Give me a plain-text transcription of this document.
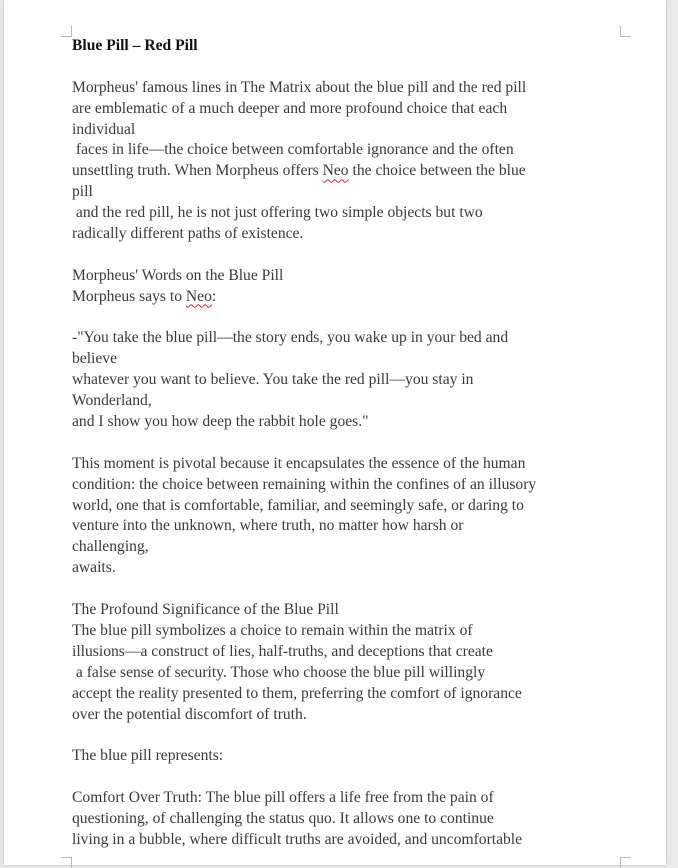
Blue Pill – Red Pill
Morpheus' famous lines in The Matrix about the blue pill and the red pill
are emblematic of a much deeper and more profound choice that each
individual
faces in life—the choice between comfortable ignorance and the often
unsettling truth. When Morpheus offers Neo the choice between the blue
pill
and the red pill, he is not just offering two simple objects but two
radically different paths of existence.
Morpheus' Words on the Blue Pill
Morpheus says to Neo:
-"You take the blue pill—the story ends, you wake up in your bed and
believe
whatever you want to believe. You take the red pill—you stay in
Wonderland,
and I show you how deep the rabbit hole goes."
This moment is pivotal because it encapsulates the essence of the human
condition: the choice between remaining within the confines of an illusory
world, one that is comfortable, familiar, and seemingly safe, or daring to
venture into the unknown, where truth, no matter how harsh or
challenging,
awaits.
The Profound Significance of the Blue Pill
The blue pill symbolizes a choice to remain within the matrix of
illusions—a construct of lies, half-truths, and deceptions that create
a false sense of security. Those who choose the blue pill willingly
accept the reality presented to them, preferring the comfort of ignorance
over the potential discomfort of truth.
The blue pill represents:
Comfort Over Truth: The blue pill offers a life free from the pain of
questioning, of challenging the status quo. It allows one to continue
living in a bubble, where difficult truths are avoided, and uncomfortable
